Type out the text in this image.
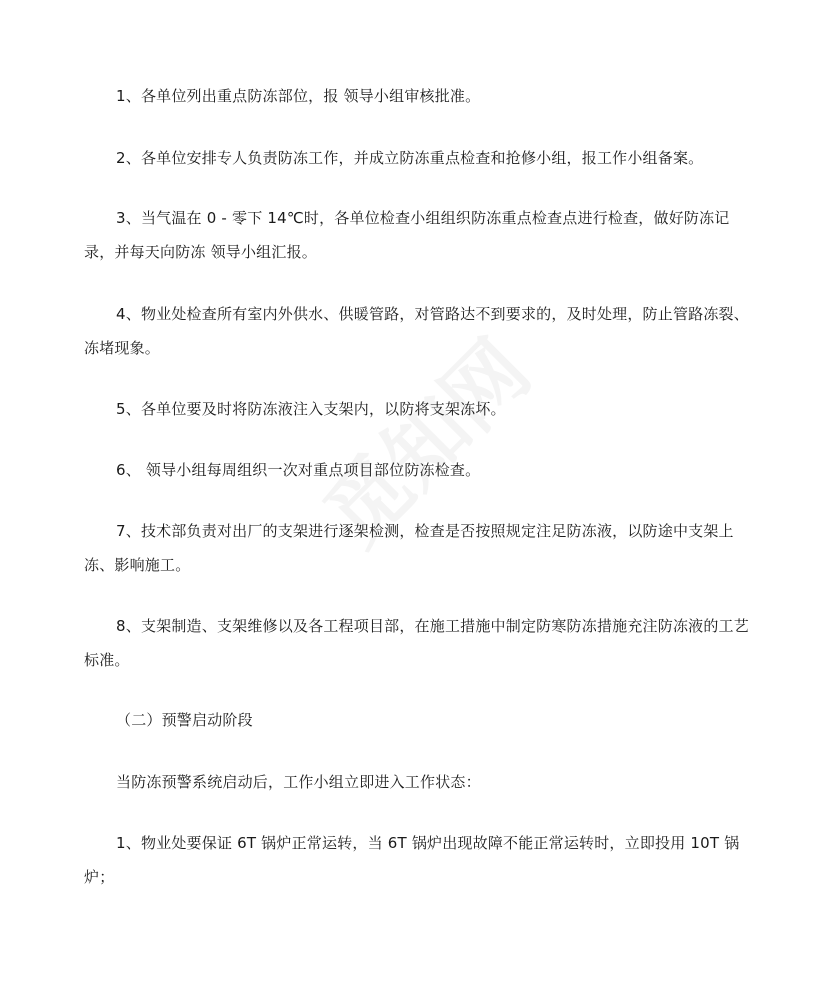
1、各单位列出重点防冻部位，报 领导小组审核批准。

2、各单位安排专人负责防冻工作，并成立防冻重点检查和抢修小组，报工作小组备案。

3、当气温在 0 - 零下 14℃时，各单位检查小组组织防冻重点检查点进行检查，做好防冻记录，并每天向防冻 领导小组汇报。

4、物业处检查所有室内外供水、供暖管路，对管路达不到要求的，及时处理，防止管路冻裂、冻堵现象。

5、各单位要及时将防冻液注入支架内，以防将支架冻坏。

6、 领导小组每周组织一次对重点项目部位防冻检查。

7、技术部负责对出厂的支架进行逐架检测，检查是否按照规定注足防冻液，以防途中支架上冻、影响施工。

8、支架制造、支架维修以及各工程项目部，在施工措施中制定防寒防冻措施充注防冻液的工艺标准。

（二）预警启动阶段

当防冻预警系统启动后，工作小组立即进入工作状态：

1、物业处要保证 6T 锅炉正常运转，当 6T 锅炉出现故障不能正常运转时，立即投用 10T 锅炉；
